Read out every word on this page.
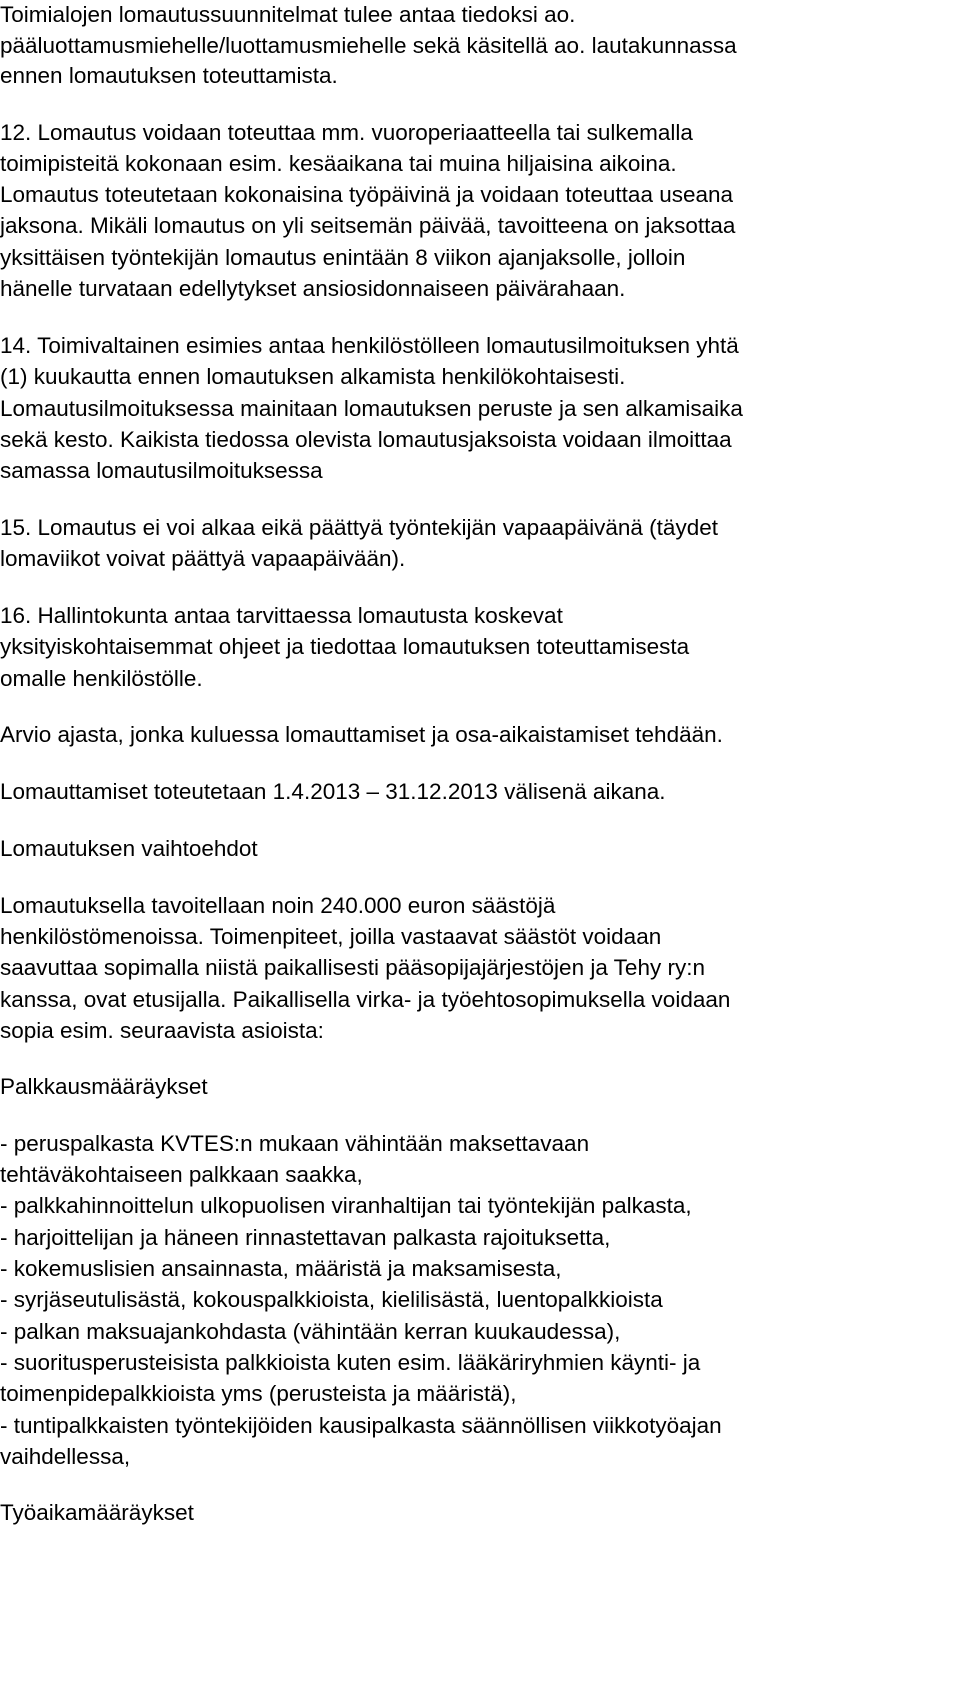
Toimialojen lomautussuunnitelmat tulee antaa tiedoksi ao.
pääluottamusmiehelle/luottamusmiehelle sekä käsitellä ao. lautakunnassa
ennen lomautuksen toteuttamista.
12. Lomautus voidaan toteuttaa mm. vuoroperiaatteella tai sulkemalla
toimipisteitä kokonaan esim. kesäaikana tai muina hiljaisina aikoina.
Lomautus toteutetaan kokonaisina työpäivinä ja voidaan toteuttaa useana
jaksona. Mikäli lomautus on yli seitsemän päivää, tavoitteena on jaksottaa
yksittäisen työntekijän lomautus enintään 8 viikon ajanjaksolle, jolloin
hänelle turvataan edellytykset ansiosidonnaiseen päivärahaan.
14. Toimivaltainen esimies antaa henkilöstölleen lomautusilmoituksen yhtä
(1) kuukautta ennen lomautuksen alkamista henkilökohtaisesti.
Lomautusilmoituksessa mainitaan lomautuksen peruste ja sen alkamisaika
sekä kesto. Kaikista tiedossa olevista lomautusjaksoista voidaan ilmoittaa
samassa lomautusilmoituksessa
15. Lomautus ei voi alkaa eikä päättyä työntekijän vapaapäivänä (täydet
lomaviikot voivat päättyä vapaapäivään).
16. Hallintokunta antaa tarvittaessa lomautusta koskevat
yksityiskohtaisemmat ohjeet ja tiedottaa lomautuksen toteuttamisesta
omalle henkilöstölle.
Arvio ajasta, jonka kuluessa lomauttamiset ja osa-aikaistamiset tehdään.
Lomauttamiset toteutetaan 1.4.2013 – 31.12.2013 välisenä aikana.
Lomautuksen vaihtoehdot
Lomautuksella tavoitellaan noin 240.000 euron säästöjä
henkilöstömenoissa. Toimenpiteet, joilla vastaavat säästöt voidaan
saavuttaa sopimalla niistä paikallisesti pääsopijajärjestöjen ja Tehy ry:n
kanssa, ovat etusijalla. Paikallisella virka- ja työehtosopimuksella voidaan
sopia esim. seuraavista asioista:
Palkkausmääräykset
- peruspalkasta KVTES:n mukaan vähintään maksettavaan
tehtäväkohtaiseen palkkaan saakka,
- palkkahinnoittelun ulkopuolisen viranhaltijan tai työntekijän palkasta,
- harjoittelijan ja häneen rinnastettavan palkasta rajoituksetta,
- kokemuslisien ansainnasta, määristä ja maksamisesta,
- syrjäseutulisästä, kokouspalkkioista, kielilisästä, luentopalkkioista
- palkan maksuajankohdasta (vähintään kerran kuukaudessa),
- suoritusperusteisista palkkioista kuten esim. lääkäriryhmien käynti- ja
toimenpidepalkkioista yms (perusteista ja määristä),
- tuntipalkkaisten työntekijöiden kausipalkasta säännöllisen viikkotyöajan
vaihdellessa,
Työaikamääräykset
